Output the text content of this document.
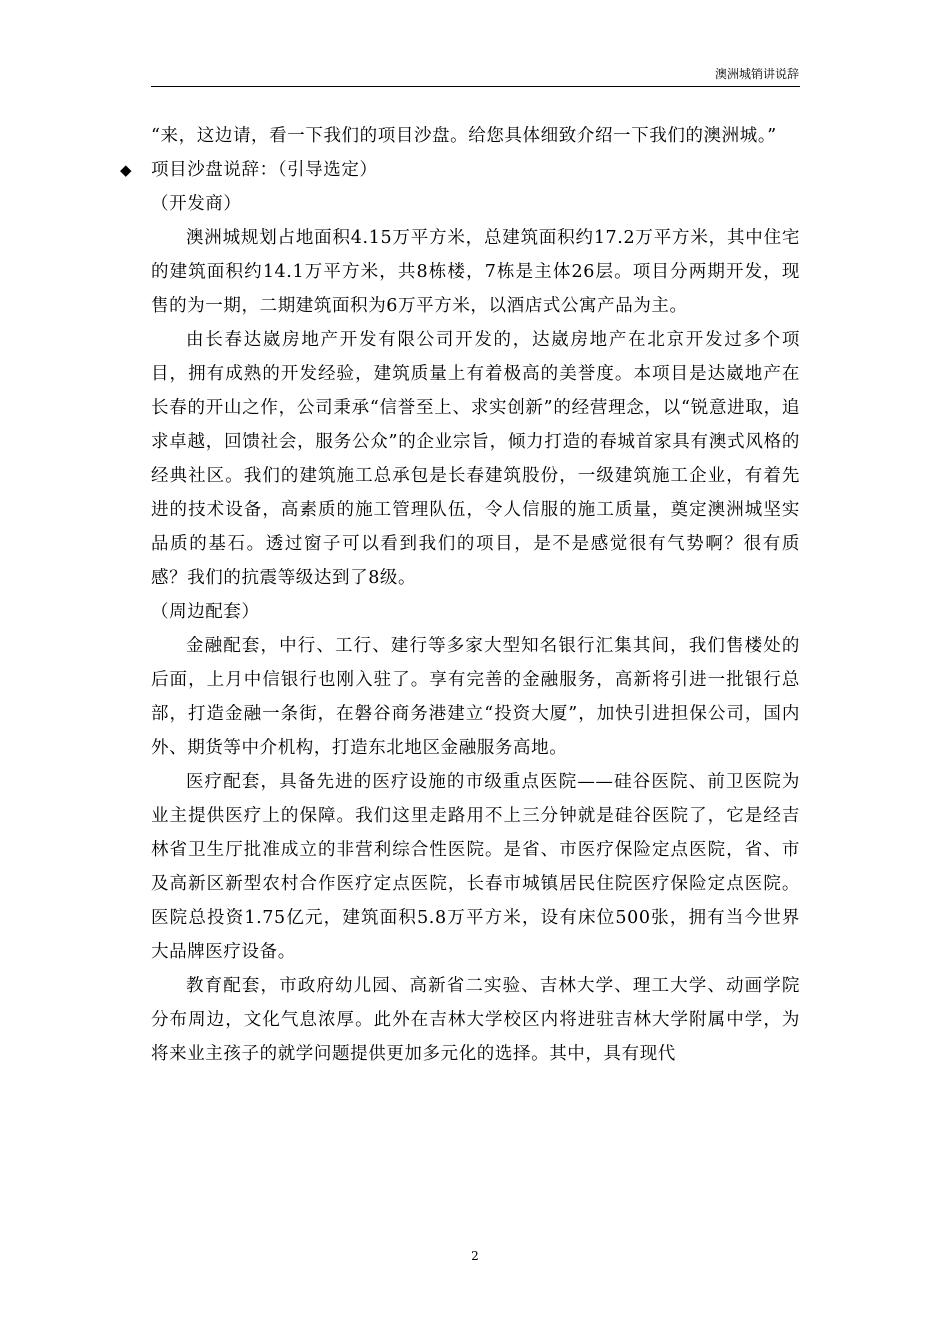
澳洲城销讲说辞

“来，这边请，看一下我们的项目沙盘。给您具体细致介绍一下我们的澳洲城。”

◆	项目沙盘说辞：（引导选定）

（开发商）

澳洲城规划占地面积4.15万平方米，总建筑面积约17.2万平方米，其中住宅的建筑面积约14.1万平方米，共8栋楼，7栋是主体26层。项目分两期开发，现售的为一期，二期建筑面积为6万平方米，以酒店式公寓产品为主。

由长春达崴房地产开发有限公司开发的，达崴房地产在北京开发过多个项目，拥有成熟的开发经验，建筑质量上有着极高的美誉度。本项目是达崴地产在长春的开山之作，公司秉承“信誉至上、求实创新”的经营理念，以“锐意进取，追求卓越，回馈社会，服务公众”的企业宗旨，倾力打造的春城首家具有澳式风格的经典社区。我们的建筑施工总承包是长春建筑股份，一级建筑施工企业，有着先进的技术设备，高素质的施工管理队伍，令人信服的施工质量，奠定澳洲城坚实品质的基石。透过窗子可以看到我们的项目，是不是感觉很有气势啊？很有质感？我们的抗震等级达到了8级。

（周边配套）

金融配套，中行、工行、建行等多家大型知名银行汇集其间，我们售楼处的后面，上月中信银行也刚入驻了。享有完善的金融服务，高新将引进一批银行总部，打造金融一条街，在磐谷商务港建立“投资大厦”，加快引进担保公司，国内外、期货等中介机构，打造东北地区金融服务高地。

医疗配套，具备先进的医疗设施的市级重点医院——硅谷医院、前卫医院为业主提供医疗上的保障。我们这里走路用不上三分钟就是硅谷医院了，它是经吉林省卫生厅批准成立的非营利综合性医院。是省、市医疗保险定点医院，省、市及高新区新型农村合作医疗定点医院，长春市城镇居民住院医疗保险定点医院。医院总投资1.75亿元，建筑面积5.8万平方米，设有床位500张，拥有当今世界大品牌医疗设备。

教育配套，市政府幼儿园、高新省二实验、吉林大学、理工大学、动画学院分布周边，文化气息浓厚。此外在吉林大学校区内将进驻吉林大学附属中学，为将来业主孩子的就学问题提供更加多元化的选择。其中，具有现代

2
